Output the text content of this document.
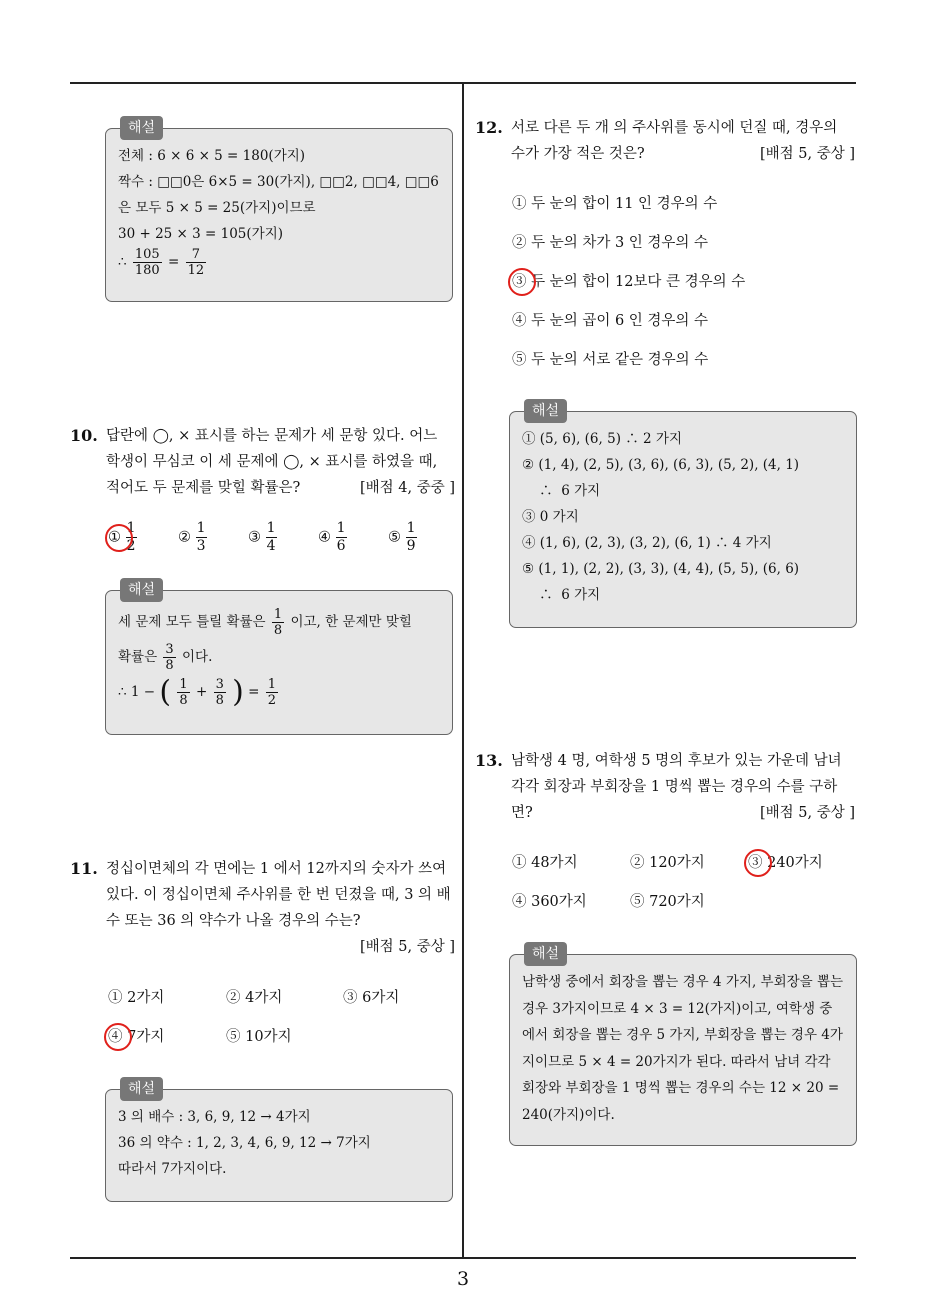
3
해설
전체 : 6 × 6 × 5 = 180(가지)
짝수 : □□0은 6×5 = 30(가지), □□2, □□4, □□6
은 모두 5 × 5 = 25(가지)이므로
30 + 25 × 3 = 105(가지)
∴ $\frac{105}{180} = \frac{7}{12}$
10. 답란에 ◯, × 표시를 하는 문제가 세 문항 있다. 어느 학생이 무심코 이 세 문제에 ◯, × 표시를 하였을 때, 적어도 두 문제를 맞힐 확률은?	[배점 4, 중중 ]
① $\frac{1}{2}$	② $\frac{1}{3}$	③ $\frac{1}{4}$	④ $\frac{1}{6}$	⑤ $\frac{1}{9}$
해설
세 문제 모두 틀릴 확률은 $\frac{1}{8}$ 이고, 한 문제만 맞힐
확률은 $\frac{3}{8}$ 이다.
∴ 1 − ( $\frac{1}{8} + \frac{3}{8}$ ) = $\frac{1}{2}$
11. 정십이면체의 각 면에는 1 에서 12까지의 숫자가 쓰여 있다. 이 정십이면체 주사위를 한 번 던졌을 때, 3 의 배수 또는 36 의 약수가 나올 경우의 수는?
[배점 5, 중상 ]
① 2가지	② 4가지	③ 6가지
④ 7가지	⑤ 10가지
해설
3 의 배수 : 3, 6, 9, 12 → 4가지
36 의 약수 : 1, 2, 3, 4, 6, 9, 12 → 7가지
따라서 7가지이다.
12. 서로 다른 두 개 의 주사위를 동시에 던질 때, 경우의 수가 가장 적은 것은?	[배점 5, 중상 ]
① 두 눈의 합이 11 인 경우의 수
② 두 눈의 차가 3 인 경우의 수
③ 두 눈의 합이 12보다 큰 경우의 수
④ 두 눈의 곱이 6 인 경우의 수
⑤ 두 눈의 서로 같은 경우의 수
해설
① (5, 6), (6, 5) ∴ 2 가지
② (1, 4), (2, 5), (3, 6), (6, 3), (5, 2), (4, 1)
∴  6 가지
③ 0 가지
④ (1, 6), (2, 3), (3, 2), (6, 1) ∴ 4 가지
⑤ (1, 1), (2, 2), (3, 3), (4, 4), (5, 5), (6, 6)
∴  6 가지
13. 남학생 4 명, 여학생 5 명의 후보가 있는 가운데 남녀 각각 회장과 부회장을 1 명씩 뽑는 경우의 수를 구하면?	[배점 5, 중상 ]
① 48가지	② 120가지	③ 240가지
④ 360가지	⑤ 720가지
해설
남학생 중에서 회장을 뽑는 경우 4 가지, 부회장을 뽑는 경우 3가지이므로 4 × 3 = 12(가지)이고, 여학생 중에서 회장을 뽑는 경우 5 가지, 부회장을 뽑는 경우 4가지이므로 5 × 4 = 20가지가 된다. 따라서 남녀 각각 회장와 부회장을 1 명씩 뽑는 경우의 수는 12 × 20 = 240(가지)이다.
